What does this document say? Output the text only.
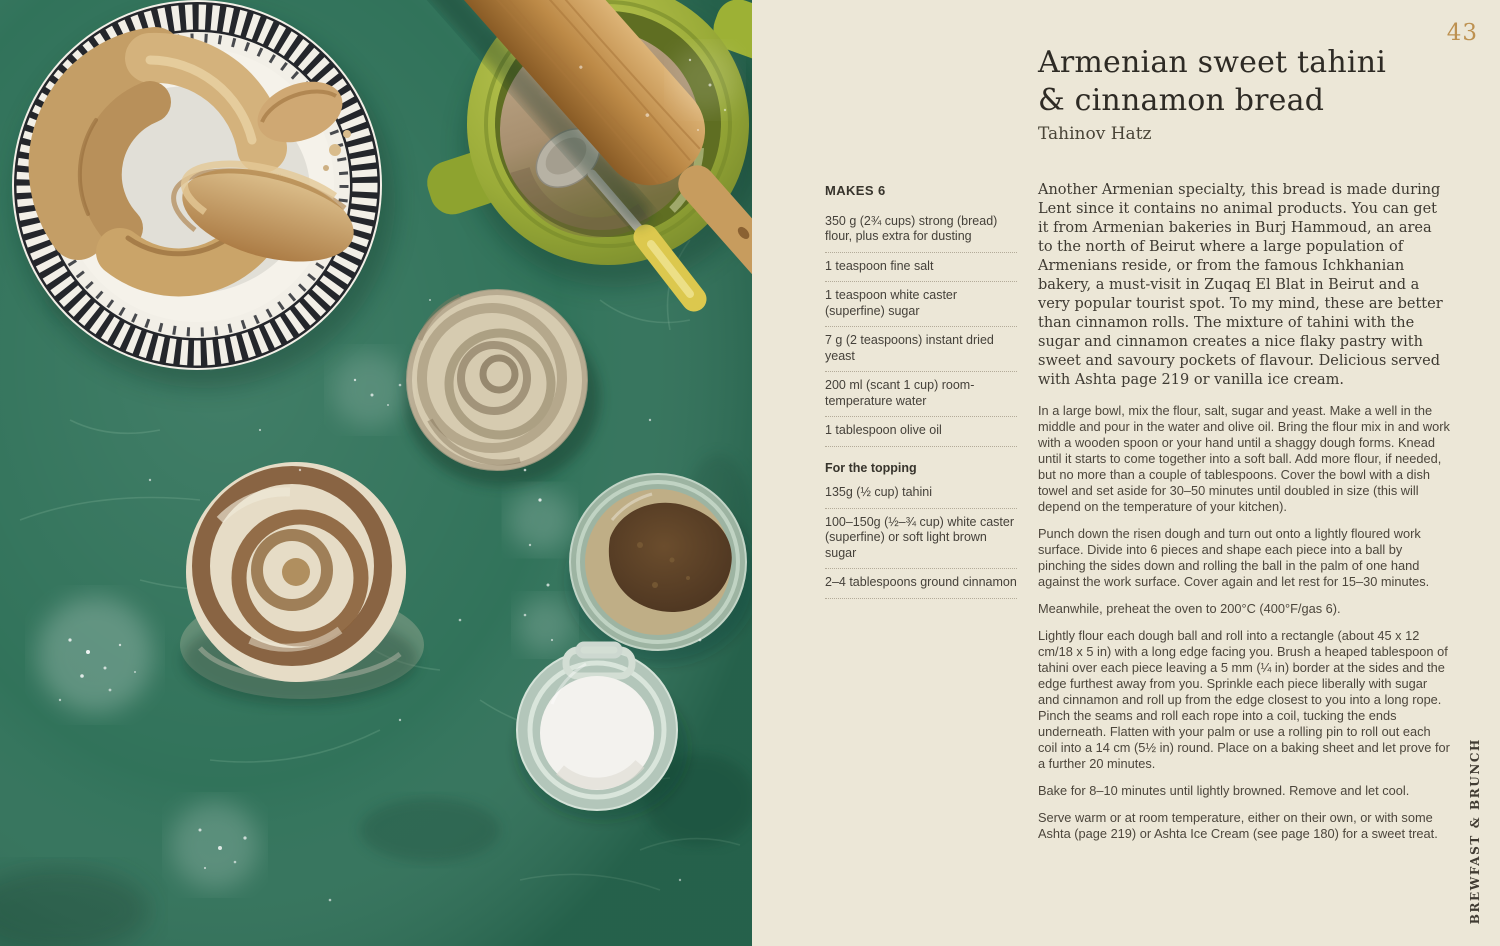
43
Armenian sweet tahini
& cinnamon bread
Tahinov Hatz
MAKES 6
350 g (2¾ cups) strong (bread) flour, plus extra for dusting
1 teaspoon fine salt
1 teaspoon white caster (superfine) sugar
7 g (2 teaspoons) instant dried yeast
200 ml (scant 1 cup) room-temperature water
1 tablespoon olive oil
For the topping
135g (½ cup) tahini
100–150g (½–¾ cup) white caster (superfine) or soft light brown sugar
2–4 tablespoons ground cinnamon

Another Armenian specialty, this bread is made during Lent since it contains no animal products. You can get it from Armenian bakeries in Burj Hammoud, an area to the north of Beirut where a large population of Armenians reside, or from the famous Ichkhanian bakery, a must-visit in Zuqaq El Blat in Beirut and a very popular tourist spot. To my mind, these are better than cinnamon rolls. The mixture of tahini with the sugar and cinnamon creates a nice flaky pastry with sweet and savoury pockets of flavour. Delicious served with Ashta page 219 or vanilla ice cream.

In a large bowl, mix the flour, salt, sugar and yeast. Make a well in the middle and pour in the water and olive oil. Bring the flour mix in and work with a wooden spoon or your hand until a shaggy dough forms. Knead until it starts to come together into a soft ball. Add more flour, if needed, but no more than a couple of tablespoons. Cover the bowl with a dish towel and set aside for 30–50 minutes until doubled in size (this will depend on the temperature of your kitchen).

Punch down the risen dough and turn out onto a lightly floured work surface. Divide into 6 pieces and shape each piece into a ball by pinching the sides down and rolling the ball in the palm of one hand against the work surface. Cover again and let rest for 15–30 minutes.

Meanwhile, preheat the oven to 200°C (400°F/gas 6).

Lightly flour each dough ball and roll into a rectangle (about 45 x 12 cm/18 x 5 in) with a long edge facing you. Brush a heaped tablespoon of tahini over each piece leaving a 5 mm (¼ in) border at the sides and the edge furthest away from you. Sprinkle each piece liberally with sugar and cinnamon and roll up from the edge closest to you into a long rope. Pinch the seams and roll each rope into a coil, tucking the ends underneath. Flatten with your palm or use a rolling pin to roll out each coil into a 14 cm (5½ in) round. Place on a baking sheet and let prove for a further 20 minutes.

Bake for 8–10 minutes until lightly browned. Remove and let cool.

Serve warm or at room temperature, either on their own, or with some Ashta (page 219) or Ashta Ice Cream (see page 180) for a sweet treat.	BREWFAST & BRUNCH
